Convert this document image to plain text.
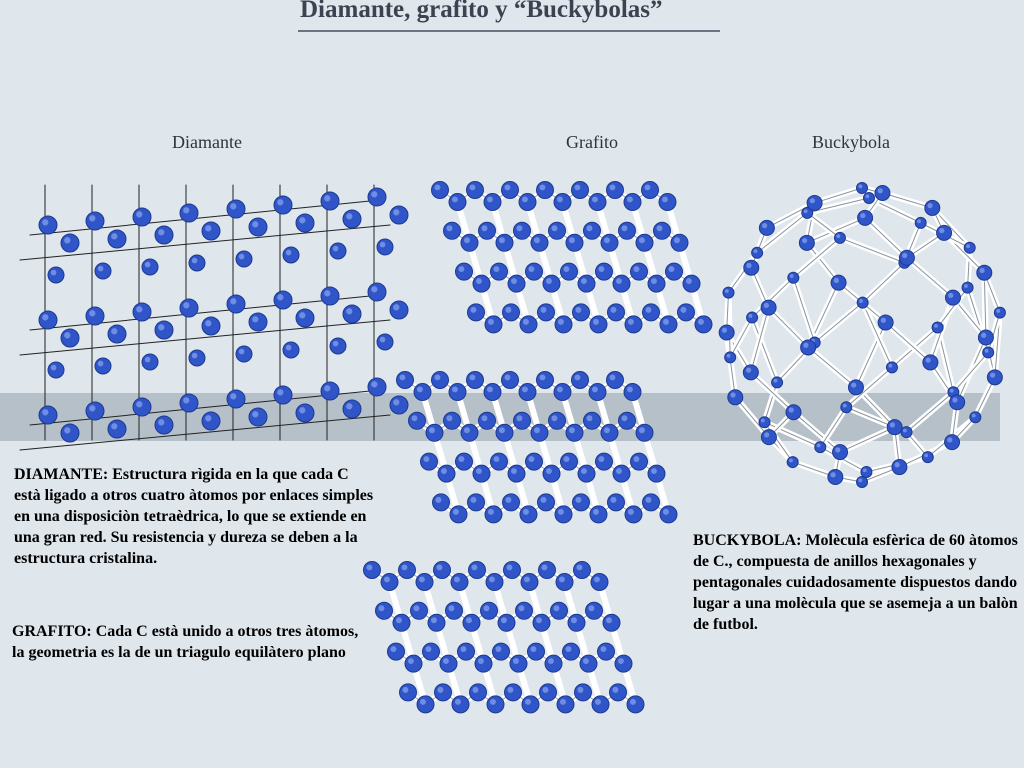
Diamante, grafito y “Buckybolas”
Diamante	Grafito	Buckybola
DIAMANTE: Estructura rìgida en la que cada C està ligado a otros cuatro àtomos por enlaces simples en una disposiciòn tetraèdrica, lo que se extiende en una gran red. Su resistencia y dureza se deben a la estructura cristalina.
GRAFITO: Cada C està unido a otros tres àtomos, la geometria es la de un triagulo equilàtero plano
BUCKYBOLA: Molècula esfèrica de 60 àtomos de C., compuesta de anillos hexagonales y pentagonales cuidadosamente dispuestos dando lugar a una molècula que se asemeja a un balòn de futbol.
